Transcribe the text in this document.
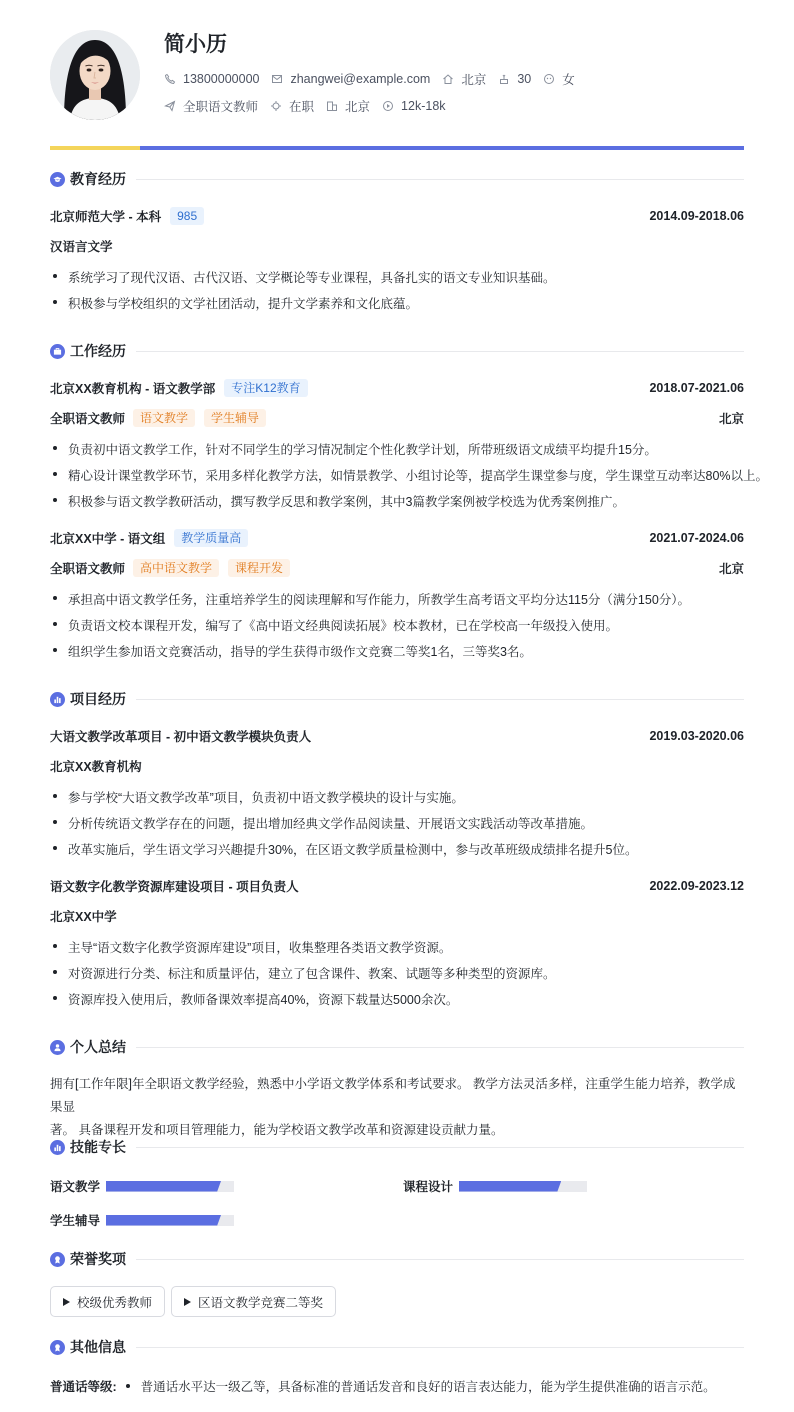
简小历
13800000000 zhangwei@example.com 北京 30 女
全职语文教师 在职 北京 12k-18k
教育经历
北京师范大学 - 本科	985	2014.09-2018.06
汉语言文学
系统学习了现代汉语、古代汉语、文学概论等专业课程，具备扎实的语文专业知识基础。
积极参与学校组织的文学社团活动，提升文学素养和文化底蕴。
工作经历
北京XX教育机构 - 语文教学部	专注K12教育	2018.07-2021.06
全职语文教师	语文教学	学生辅导	北京
负责初中语文教学工作，针对不同学生的学习情况制定个性化教学计划，所带班级语文成绩平均提升15分。
精心设计课堂教学环节，采用多样化教学方法，如情景教学、小组讨论等，提高学生课堂参与度，学生课堂互动率达80%以上。
积极参与语文教学教研活动，撰写教学反思和教学案例，其中3篇教学案例被学校选为优秀案例推广。
北京XX中学 - 语文组	教学质量高	2021.07-2024.06
全职语文教师	高中语文教学	课程开发	北京
承担高中语文教学任务，注重培养学生的阅读理解和写作能力，所教学生高考语文平均分达115分（满分150分）。
负责语文校本课程开发，编写了《高中语文经典阅读拓展》校本教材，已在学校高一年级投入使用。
组织学生参加语文竞赛活动，指导的学生获得市级作文竞赛二等奖1名，三等奖3名。
项目经历
大语文教学改革项目 - 初中语文教学模块负责人	2019.03-2020.06
北京XX教育机构
参与学校“大语文教学改革”项目，负责初中语文教学模块的设计与实施。
分析传统语文教学存在的问题，提出增加经典文学作品阅读量、开展语文实践活动等改革措施。
改革实施后，学生语文学习兴趣提升30%，在区语文教学质量检测中，参与改革班级成绩排名提升5位。
语文数字化教学资源库建设项目 - 项目负责人	2022.09-2023.12
北京XX中学
主导“语文数字化教学资源库建设”项目，收集整理各类语文教学资源。
对资源进行分类、标注和质量评估，建立了包含课件、教案、试题等多种类型的资源库。
资源库投入使用后，教师备课效率提高40%，资源下载量达5000余次。
个人总结
拥有[工作年限]年全职语文教学经验，熟悉中小学语文教学体系和考试要求。 教学方法灵活多样，注重学生能力培养，教学成果显
著。 具备课程开发和项目管理能力，能为学校语文教学改革和资源建设贡献力量。
技能专长
语文教学	课程设计
学生辅导
荣誉奖项
校级优秀教师	区语文教学竞赛二等奖
其他信息
普通话等级: 普通话水平达一级乙等，具备标准的普通话发音和良好的语言表达能力，能为学生提供准确的语言示范。
